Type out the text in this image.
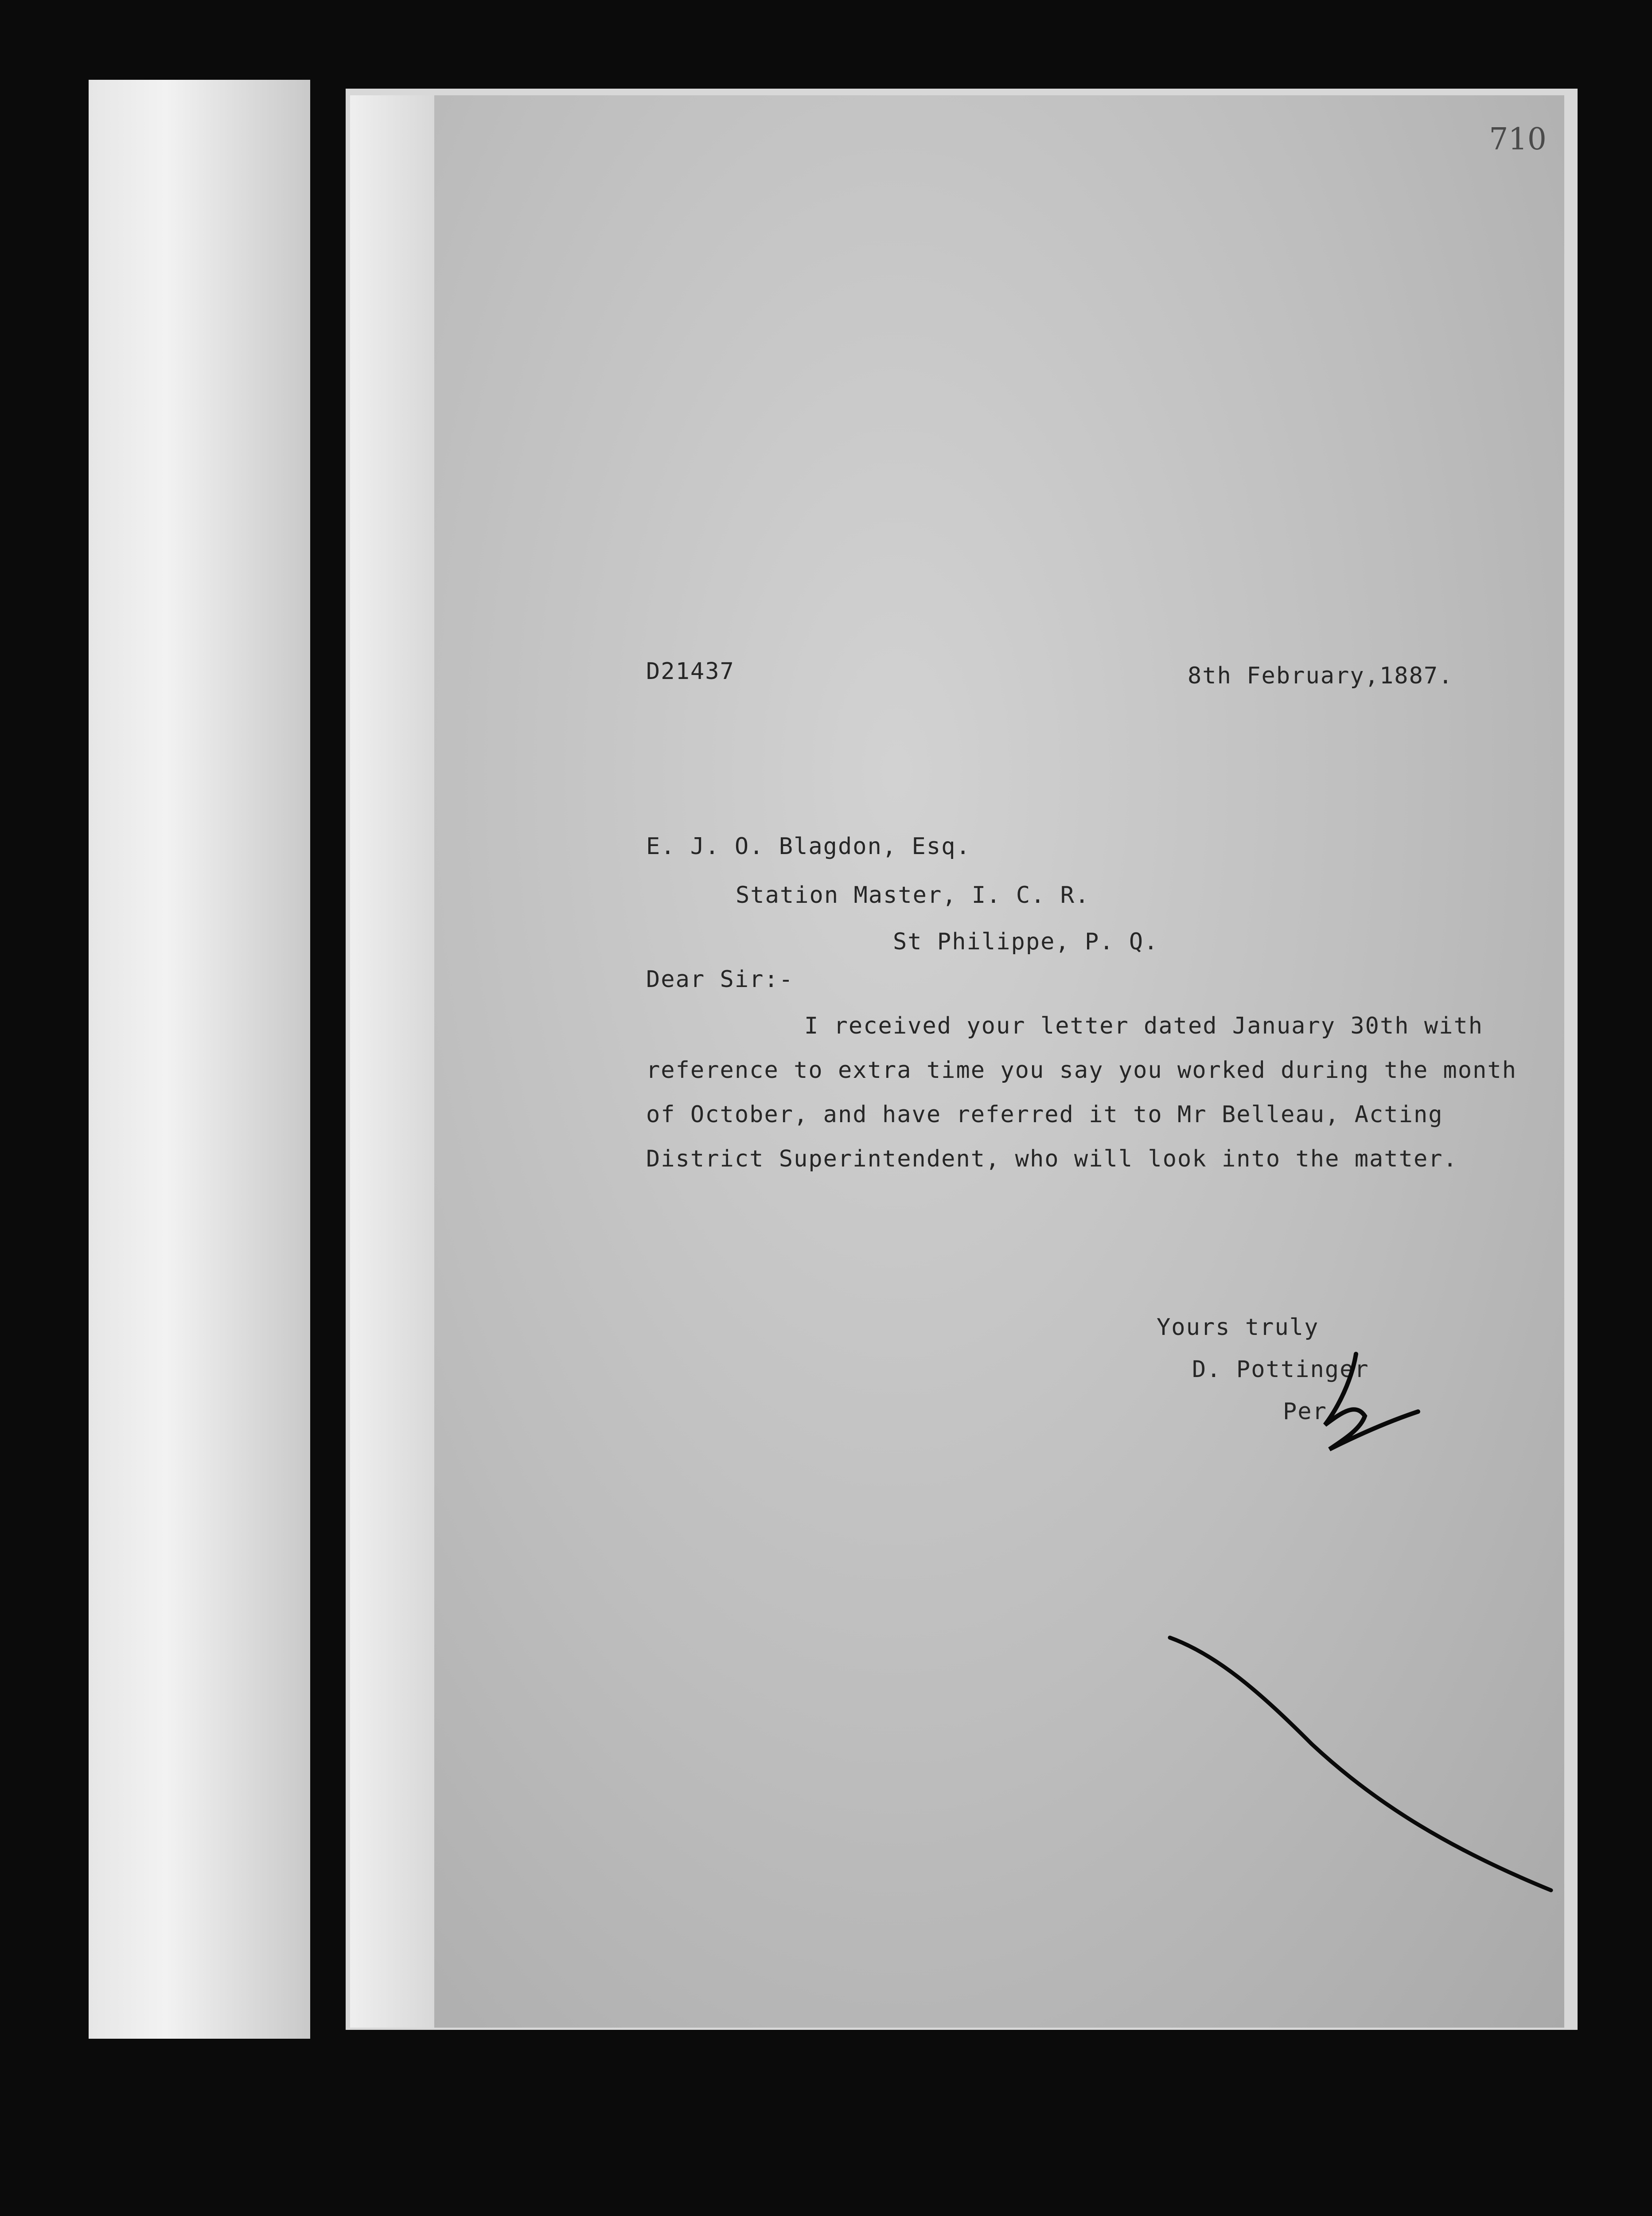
710
D21437	8th February,1887.
E. J. O. Blagdon, Esq.
Station Master, I. C. R.
St Philippe, P. Q.
Dear Sir:-
I received your letter dated January 30th with
reference to extra time you say you worked during the month
of October, and have referred it to Mr Belleau, Acting
District Superintendent, who will look into the matter.
Yours truly
D. Pottinger
Per
